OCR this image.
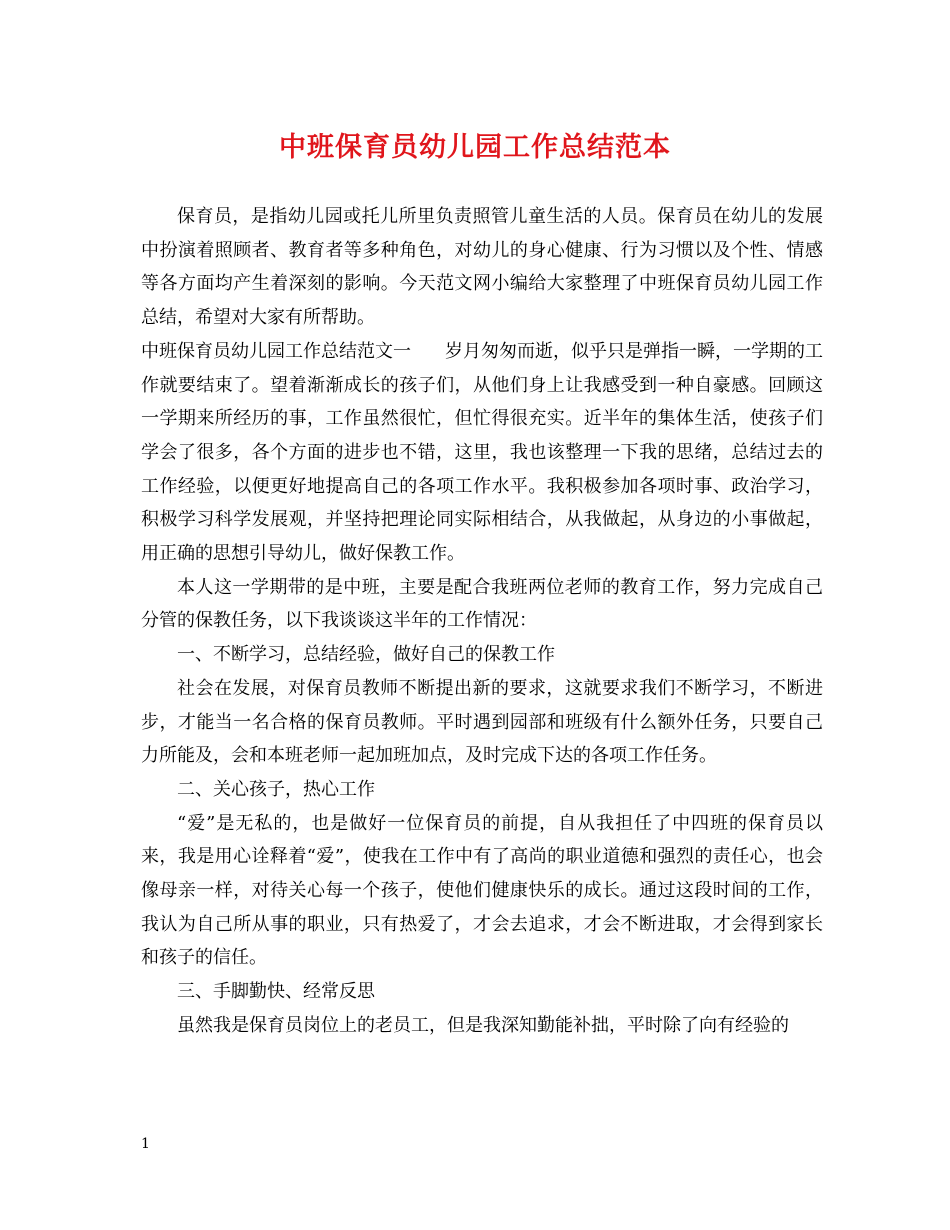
中班保育员幼儿园工作总结范本

保育员，是指幼儿园或托儿所里负责照管儿童生活的人员。保育员在幼儿的发展中扮演着照顾者、教育者等多种角色，对幼儿的身心健康、行为习惯以及个性、情感等各方面均产生着深刻的影响。今天范文网小编给大家整理了中班保育员幼儿园工作总结，希望对大家有所帮助。

中班保育员幼儿园工作总结范文一 岁月匆匆而逝，似乎只是弹指一瞬，一学期的工作就要结束了。望着渐渐成长的孩子们，从他们身上让我感受到一种自豪感。回顾这一学期来所经历的事，工作虽然很忙，但忙得很充实。近半年的集体生活，使孩子们学会了很多，各个方面的进步也不错，这里，我也该整理一下我的思绪，总结过去的工作经验，以便更好地提高自己的各项工作水平。我积极参加各项时事、政治学习，积极学习科学发展观，并坚持把理论同实际相结合，从我做起，从身边的小事做起，用正确的思想引导幼儿，做好保教工作。

本人这一学期带的是中班，主要是配合我班两位老师的教育工作，努力完成自己分管的保教任务，以下我谈谈这半年的工作情况：

一、不断学习，总结经验，做好自己的保教工作

社会在发展，对保育员教师不断提出新的要求，这就要求我们不断学习，不断进步，才能当一名合格的保育员教师。平时遇到园部和班级有什么额外任务，只要自己力所能及，会和本班老师一起加班加点，及时完成下达的各项工作任务。

二、关心孩子，热心工作

“爱”是无私的，也是做好一位保育员的前提，自从我担任了中四班的保育员以来，我是用心诠释着“爱”，使我在工作中有了高尚的职业道德和强烈的责任心，也会像母亲一样，对待关心每一个孩子，使他们健康快乐的成长。通过这段时间的工作，我认为自己所从事的职业，只有热爱了，才会去追求，才会不断进取，才会得到家长和孩子的信任。

三、手脚勤快、经常反思

虽然我是保育员岗位上的老员工，但是我深知勤能补拙，平时除了向有经验的

1
